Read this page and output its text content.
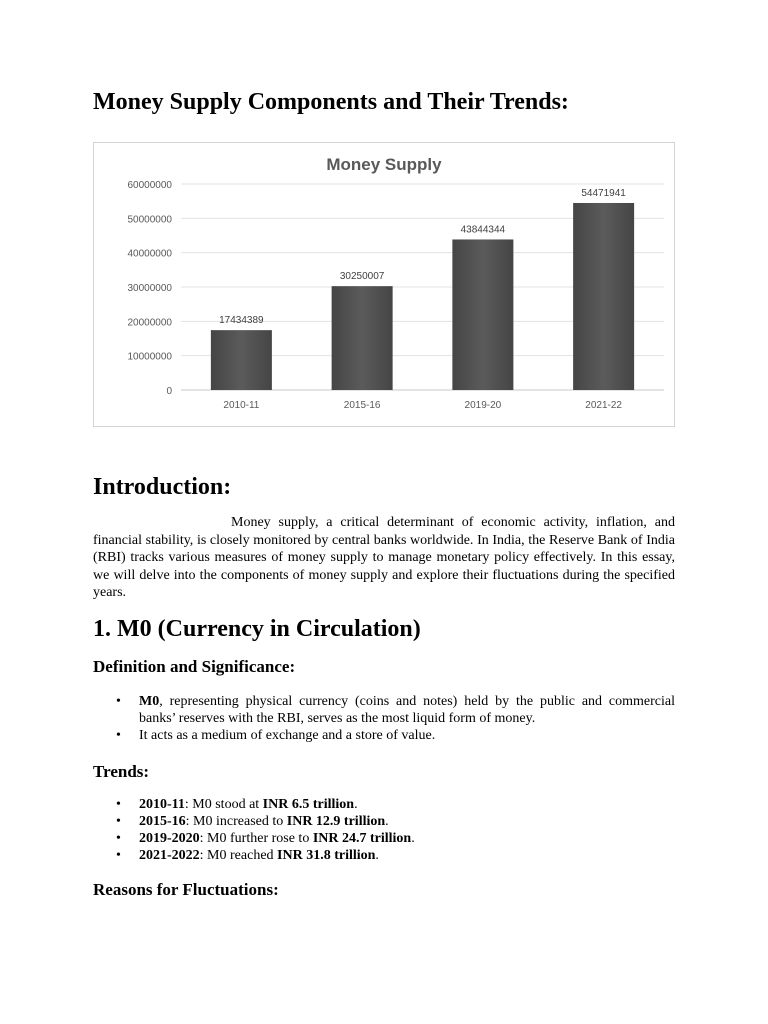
Money Supply Components and Their Trends:
0
10000000
20000000
30000000
40000000
50000000
60000000
17434389
2010-11
30250007
2015-16
43844344
2019-20
54471941
2021-22
Money Supply
Introduction:

Money supply, a critical determinant of economic activity, inflation, and financial stability, is closely monitored by central banks worldwide. In India, the Reserve Bank of India (RBI) tracks various measures of money supply to manage monetary policy effectively. In this essay, we will delve into the components of money supply and explore their fluctuations during the specified years.

1. M0 (Currency in Circulation)
Definition and Significance:
• M0, representing physical currency (coins and notes) held by the public and commercial banks’ reserves with the RBI, serves as the most liquid form of money.
• It acts as a medium of exchange and a store of value.
Trends:
• 2010-11: M0 stood at INR 6.5 trillion.
• 2015-16: M0 increased to INR 12.9 trillion.
• 2019-2020: M0 further rose to INR 24.7 trillion.
• 2021-2022: M0 reached INR 31.8 trillion.
Reasons for Fluctuations:
